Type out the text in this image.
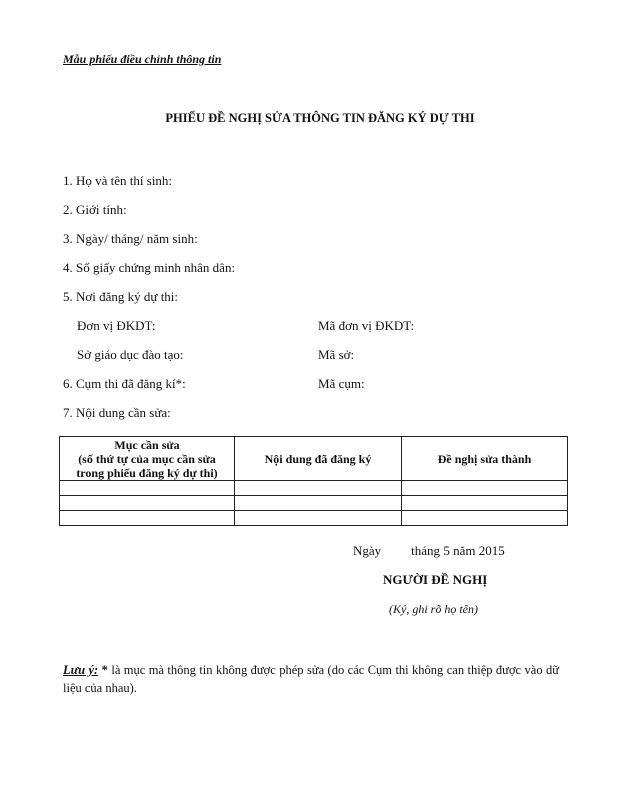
Mẫu phiếu điều chỉnh thông tin
PHIẾU ĐỀ NGHỊ SỬA THÔNG TIN ĐĂNG KÝ DỰ THI
1. Họ và tên thí sinh:
2. Giới tính:
3. Ngày/ tháng/ năm sinh:
4. Số giấy chứng minh nhân dân:
5. Nơi đăng ký dự thi:
Đơn vị ĐKDT:	Mã đơn vị ĐKDT:
Sở giáo dục đào tạo:	Mã sở:
6. Cụm thi đã đăng kí*:	Mã cụm:
7. Nội dung cần sửa:
Mục cần sửa
(số thứ tự của mục cần sửa
trong phiếu đăng ký dự thi)	Nội dung đã đăng ký	Đề nghị sửa thành

Ngày tháng 5 năm 2015
NGƯỜI ĐỀ NGHỊ
(Ký, ghi rõ họ tên)
Lưu ý: * là mục mà thông tin không được phép sửa (do các Cụm thi không can thiệp được vào dữ liệu của nhau).
